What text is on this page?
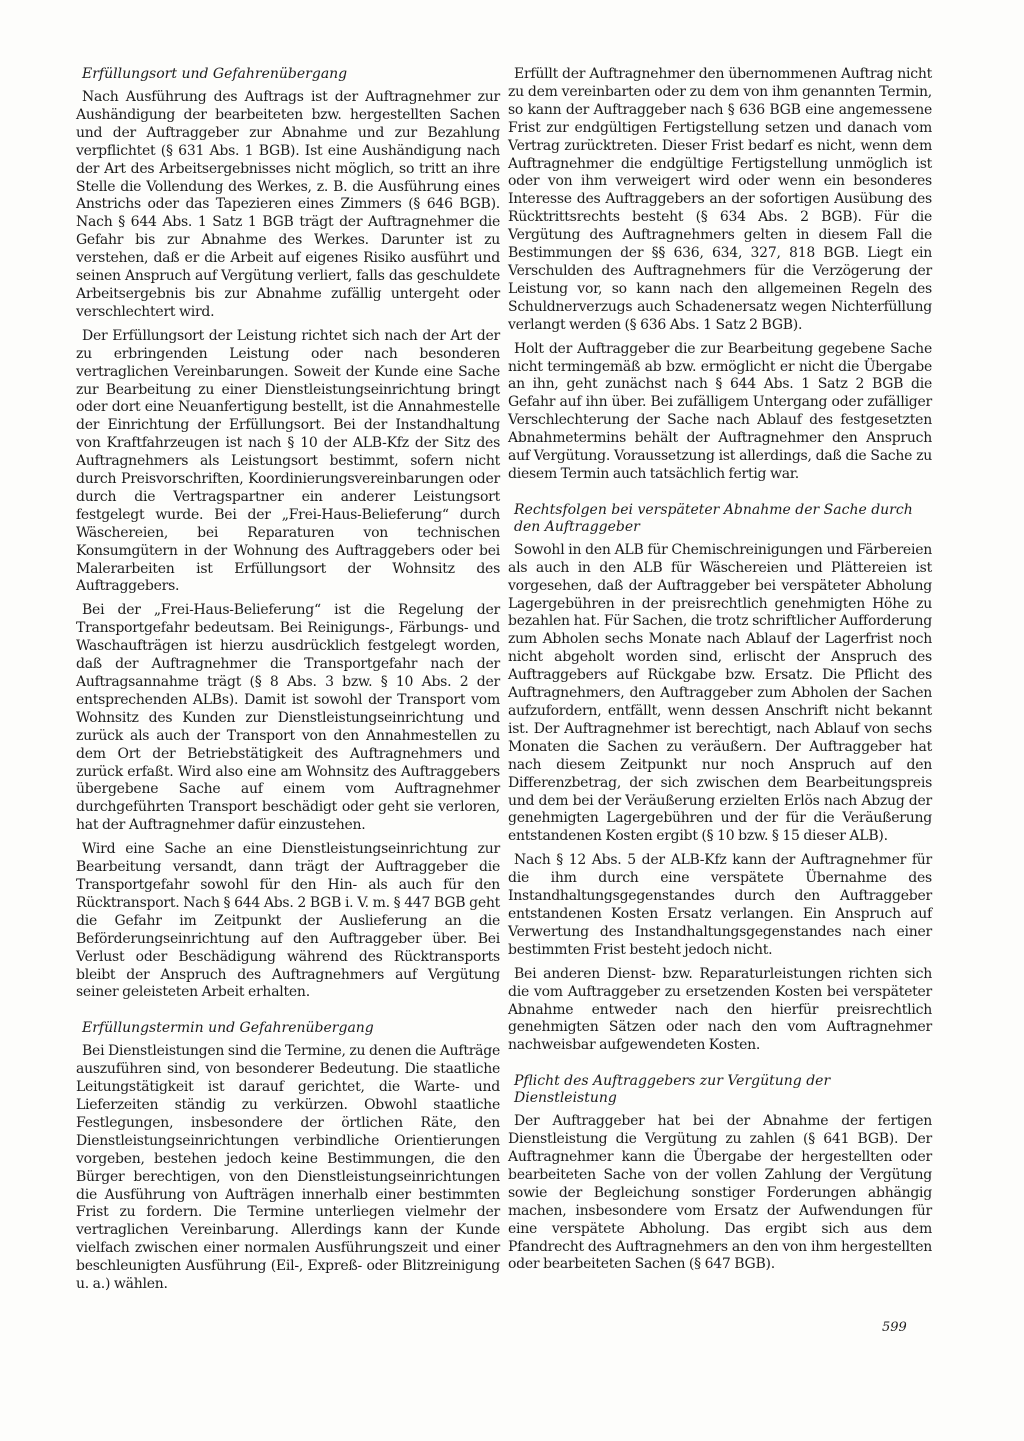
Erfüllungsort und Gefahrenübergang

Nach Ausführung des Auftrags ist der Auftragnehmer zur Aushändigung der bearbeiteten bzw. hergestellten Sachen und der Auftraggeber zur Abnahme und zur Bezahlung verpflichtet (§ 631 Abs. 1 BGB). Ist eine Aushändigung nach der Art des Arbeitsergebnisses nicht möglich, so tritt an ihre Stelle die Vollendung des Werkes, z. B. die Ausführung eines Anstrichs oder das Tapezieren eines Zimmers (§ 646 BGB). Nach § 644 Abs. 1 Satz 1 BGB trägt der Auftragnehmer die Gefahr bis zur Abnahme des Werkes. Darunter ist zu verstehen, daß er die Arbeit auf eigenes Risiko ausführt und seinen Anspruch auf Vergütung verliert, falls das geschuldete Arbeitsergebnis bis zur Abnahme zufällig untergeht oder verschlechtert wird.

Der Erfüllungsort der Leistung richtet sich nach der Art der zu erbringenden Leistung oder nach besonderen vertraglichen Vereinbarungen. Soweit der Kunde eine Sache zur Bearbeitung zu einer Dienstleistungseinrichtung bringt oder dort eine Neuanfertigung bestellt, ist die Annahmestelle der Einrichtung der Erfüllungsort. Bei der Instandhaltung von Kraftfahrzeugen ist nach § 10 der ALB-Kfz der Sitz des Auftragnehmers als Leistungsort bestimmt, sofern nicht durch Preisvorschriften, Koordinierungsvereinbarungen oder durch die Vertragspartner ein anderer Leistungsort festgelegt wurde. Bei der „Frei-Haus-Belieferung“ durch Wäschereien, bei Reparaturen von technischen Konsumgütern in der Wohnung des Auftraggebers oder bei Malerarbeiten ist Erfüllungsort der Wohnsitz des Auftraggebers.

Bei der „Frei-Haus-Belieferung“ ist die Regelung der Transportgefahr bedeutsam. Bei Reinigungs-, Färbungs- und Waschaufträgen ist hierzu ausdrücklich festgelegt worden, daß der Auftragnehmer die Transportgefahr nach der Auftragsannahme trägt (§ 8 Abs. 3 bzw. § 10 Abs. 2 der entsprechenden ALBs). Damit ist sowohl der Transport vom Wohnsitz des Kunden zur Dienstleistungseinrichtung und zurück als auch der Transport von den Annahmestellen zu dem Ort der Betriebstätigkeit des Auftragnehmers und zurück erfaßt. Wird also eine am Wohnsitz des Auftraggebers übergebene Sache auf einem vom Auftragnehmer durchgeführten Transport beschädigt oder geht sie verloren, hat der Auftragnehmer dafür einzustehen.

Wird eine Sache an eine Dienstleistungseinrichtung zur Bearbeitung versandt, dann trägt der Auftraggeber die Transportgefahr sowohl für den Hin- als auch für den Rücktransport. Nach § 644 Abs. 2 BGB i. V. m. § 447 BGB geht die Gefahr im Zeitpunkt der Auslieferung an die Beförderungseinrichtung auf den Auftraggeber über. Bei Verlust oder Beschädigung während des Rücktransports bleibt der Anspruch des Auftragnehmers auf Vergütung seiner geleisteten Arbeit erhalten.

Erfüllungstermin und Gefahrenübergang

Bei Dienstleistungen sind die Termine, zu denen die Aufträge auszuführen sind, von besonderer Bedeutung. Die staatliche Leitungstätigkeit ist darauf gerichtet, die Warte- und Lieferzeiten ständig zu verkürzen. Obwohl staatliche Festlegungen, insbesondere der örtlichen Räte, den Dienstleistungseinrichtungen verbindliche Orientierungen vorgeben, bestehen jedoch keine Bestimmungen, die den Bürger berechtigen, von den Dienstleistungseinrichtungen die Ausführung von Aufträgen innerhalb einer bestimmten Frist zu fordern. Die Termine unterliegen vielmehr der vertraglichen Vereinbarung. Allerdings kann der Kunde vielfach zwischen einer normalen Ausführungszeit und einer beschleunigten Ausführung (Eil-, Expreß- oder Blitzreinigung u. a.) wählen.

Erfüllt der Auftragnehmer den übernommenen Auftrag nicht zu dem vereinbarten oder zu dem von ihm genannten Termin, so kann der Auftraggeber nach § 636 BGB eine angemessene Frist zur endgültigen Fertigstellung setzen und danach vom Vertrag zurücktreten. Dieser Frist bedarf es nicht, wenn dem Auftragnehmer die endgültige Fertigstellung unmöglich ist oder von ihm verweigert wird oder wenn ein besonderes Interesse des Auftraggebers an der sofortigen Ausübung des Rücktrittsrechts besteht (§ 634 Abs. 2 BGB). Für die Vergütung des Auftragnehmers gelten in diesem Fall die Bestimmungen der §§ 636, 634, 327, 818 BGB. Liegt ein Verschulden des Auftragnehmers für die Verzögerung der Leistung vor, so kann nach den allgemeinen Regeln des Schuldnerverzugs auch Schadenersatz wegen Nichterfüllung verlangt werden (§ 636 Abs. 1 Satz 2 BGB).

Holt der Auftraggeber die zur Bearbeitung gegebene Sache nicht termingemäß ab bzw. ermöglicht er nicht die Übergabe an ihn, geht zunächst nach § 644 Abs. 1 Satz 2 BGB die Gefahr auf ihn über. Bei zufälligem Untergang oder zufälliger Verschlechterung der Sache nach Ablauf des festgesetzten Abnahmetermins behält der Auftragnehmer den Anspruch auf Vergütung. Voraussetzung ist allerdings, daß die Sache zu diesem Termin auch tatsächlich fertig war.

Rechtsfolgen bei verspäteter Abnahme der Sache durch den Auftraggeber

Sowohl in den ALB für Chemischreinigungen und Färbereien als auch in den ALB für Wäschereien und Plättereien ist vorgesehen, daß der Auftraggeber bei verspäteter Abholung Lagergebühren in der preisrechtlich genehmigten Höhe zu bezahlen hat. Für Sachen, die trotz schriftlicher Aufforderung zum Abholen sechs Monate nach Ablauf der Lagerfrist noch nicht abgeholt worden sind, erlischt der Anspruch des Auftraggebers auf Rückgabe bzw. Ersatz. Die Pflicht des Auftragnehmers, den Auftraggeber zum Abholen der Sachen aufzufordern, entfällt, wenn dessen Anschrift nicht bekannt ist. Der Auftragnehmer ist berechtigt, nach Ablauf von sechs Monaten die Sachen zu veräußern. Der Auftraggeber hat nach diesem Zeitpunkt nur noch Anspruch auf den Differenzbetrag, der sich zwischen dem Bearbeitungspreis und dem bei der Veräußerung erzielten Erlös nach Abzug der genehmigten Lagergebühren und der für die Veräußerung entstandenen Kosten ergibt (§ 10 bzw. § 15 dieser ALB).

Nach § 12 Abs. 5 der ALB-Kfz kann der Auftragnehmer für die ihm durch eine verspätete Übernahme des Instandhaltungsgegenstandes durch den Auftraggeber entstandenen Kosten Ersatz verlangen. Ein Anspruch auf Verwertung des Instandhaltungsgegenstandes nach einer bestimmten Frist besteht jedoch nicht.

Bei anderen Dienst- bzw. Reparaturleistungen richten sich die vom Auftraggeber zu ersetzenden Kosten bei verspäteter Abnahme entweder nach den hierfür preisrechtlich genehmigten Sätzen oder nach den vom Auftragnehmer nachweisbar aufgewendeten Kosten.

Pflicht des Auftraggebers zur Vergütung der Dienstleistung

Der Auftraggeber hat bei der Abnahme der fertigen Dienstleistung die Vergütung zu zahlen (§ 641 BGB). Der Auftragnehmer kann die Übergabe der hergestellten oder bearbeiteten Sache von der vollen Zahlung der Vergütung sowie der Begleichung sonstiger Forderungen abhängig machen, insbesondere vom Ersatz der Aufwendungen für eine verspätete Abholung. Das ergibt sich aus dem Pfandrecht des Auftragnehmers an den von ihm hergestellten oder bearbeiteten Sachen (§ 647 BGB).

599
